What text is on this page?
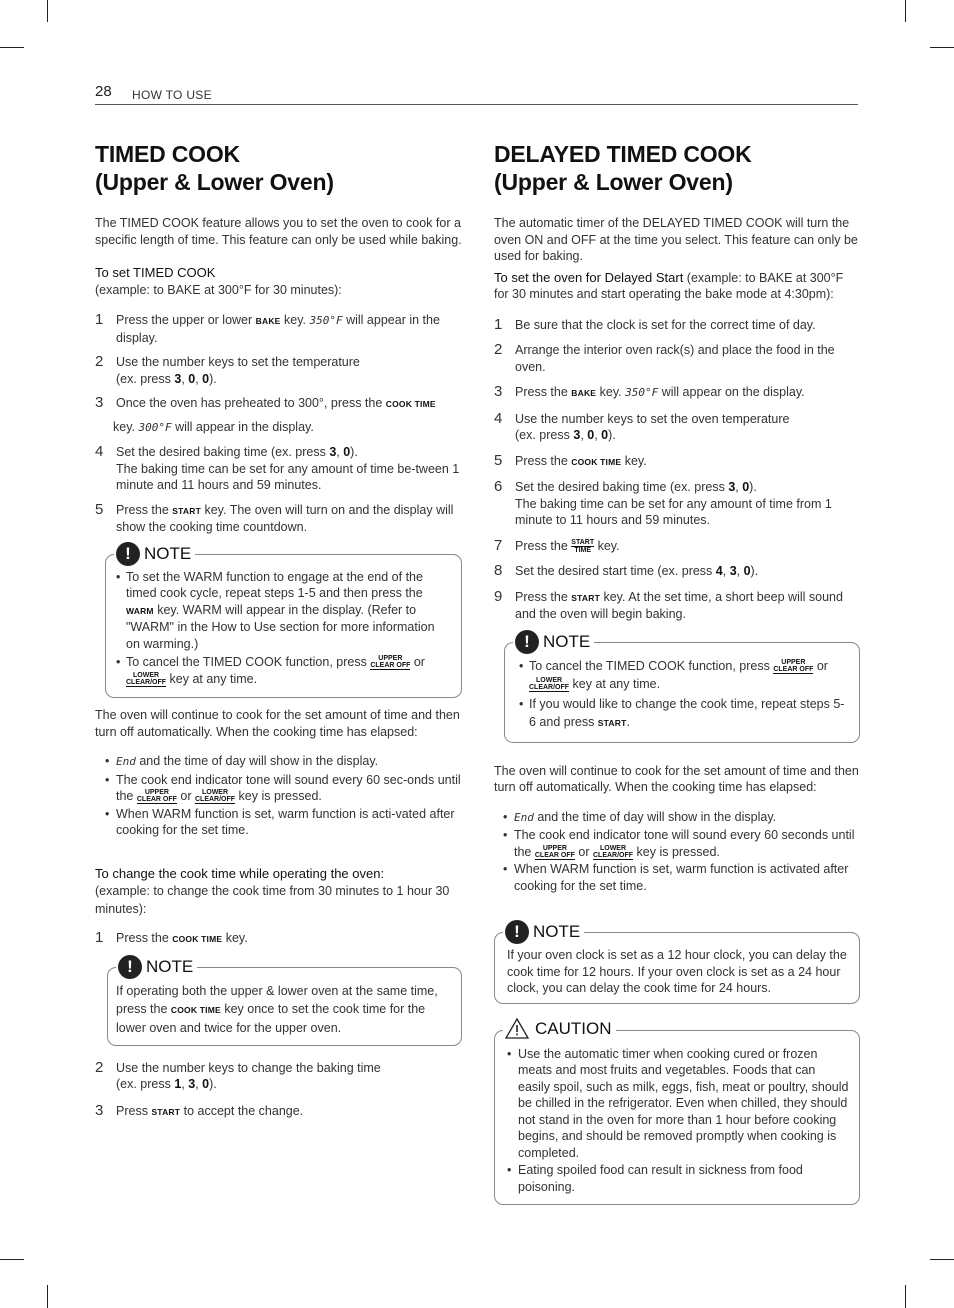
28 HOW TO USE
TIMED COOK
(Upper & Lower Oven)

The TIMED COOK feature allows you to set the oven to cook for a specific length of time. This feature can only be used while baking.

To set TIMED COOK
(example: to BAKE at 300°F for 30 minutes):
1 Press the upper or lower BAKE key. 350°F will appear in the display.
2 Use the number keys to set the temperature
(ex. press 3, 0, 0).
3 Once the oven has preheated to 300°, press the COOK TIME
key. 300°F will appear in the display.
4 Set the desired baking time (ex. press 3, 0).
The baking time can be set for any amount of time be-tween 1 minute and 11 hours and 59 minutes.
5 Press the START key. The oven will turn on and the display will show the cooking time countdown.
! NOTE
• To set the WARM function to engage at the end of the timed cook cycle, repeat steps 1-5 and then press the WARM key. WARM will appear in the display. (Refer to "WARM" in the How to Use section for more information on warming.)
• To cancel the TIMED COOK function, press	UPPER
CLEAR OFF or

LOWER
CLEAR/OFF key at any time.

The oven will continue to cook for the set amount of time and then turn off automatically. When the cooking time has elapsed:

• End and the time of day will show in the display.
• The cook end indicator tone will sound every 60 sec-onds until the	UPPER
CLEAR OFF or	LOWER
CLEAR/OFF key is pressed.
• When WARM function is set, warm function is acti-vated after cooking for the set time.
To change the cook time while operating the oven:
(example: to change the cook time from 30 minutes to 1 hour 30 minutes):
1 Press the COOK TIME key.
! NOTE
If operating both the upper & lower oven at the same time, press the COOK TIME key once to set the cook time for the lower oven and twice for the upper oven.
2 Use the number keys to change the baking time
(ex. press 1, 3, 0).
3 Press START to accept the change.
DELAYED TIMED COOK
(Upper & Lower Oven)

The automatic timer of the DELAYED TIMED COOK will turn the oven ON and OFF at the time you select. This feature can only be used for baking.

To set the oven for Delayed Start (example: to BAKE at 300°F for 30 minutes and start operating the bake mode at 4:30pm):

1 Be sure that the clock is set for the correct time of day.
2 Arrange the interior oven rack(s) and place the food in the oven.
3 Press the BAKE key. 350°F will appear on the display.
4 Use the number keys to set the oven temperature
(ex. press 3, 0, 0).
5 Press the COOK TIME key.
6 Set the desired baking time (ex. press 3, 0).
The baking time can be set for any amount of time from 1 minute to 11 hours and 59 minutes.
7 Press the START
TIME key.
8 Set the desired start time (ex. press 4, 3, 0).
9 Press the START key. At the set time, a short beep will sound and the oven will begin baking.
! NOTE
• To cancel the TIMED COOK function, press	UPPER
CLEAR OFF or

LOWER
CLEAR/OFF key at any time.
• If you would like to change the cook time, repeat steps 5-6 and press START.

The oven will continue to cook for the set amount of time and then turn off automatically. When the cooking time has elapsed:

• End and the time of day will show in the display.
• The cook end indicator tone will sound every 60 seconds until the	UPPER
CLEAR OFF or	LOWER
CLEAR/OFF key is pressed.
• When WARM function is set, warm function is activated after cooking for the set time.
! NOTE
If your oven clock is set as a 12 hour clock, you can delay the cook time for 12 hours. If your oven clock is set as a 24 hour clock, you can delay the cook time for 24 hours.
CAUTION
• Use the automatic timer when cooking cured or frozen meats and most fruits and vegetables. Foods that can easily spoil, such as milk, eggs, fish, meat or poultry, should be chilled in the refrigerator. Even when chilled, they should not stand in the oven for more than 1 hour before cooking begins, and should be removed promptly when cooking is completed.
• Eating spoiled food can result in sickness from food poisoning.
